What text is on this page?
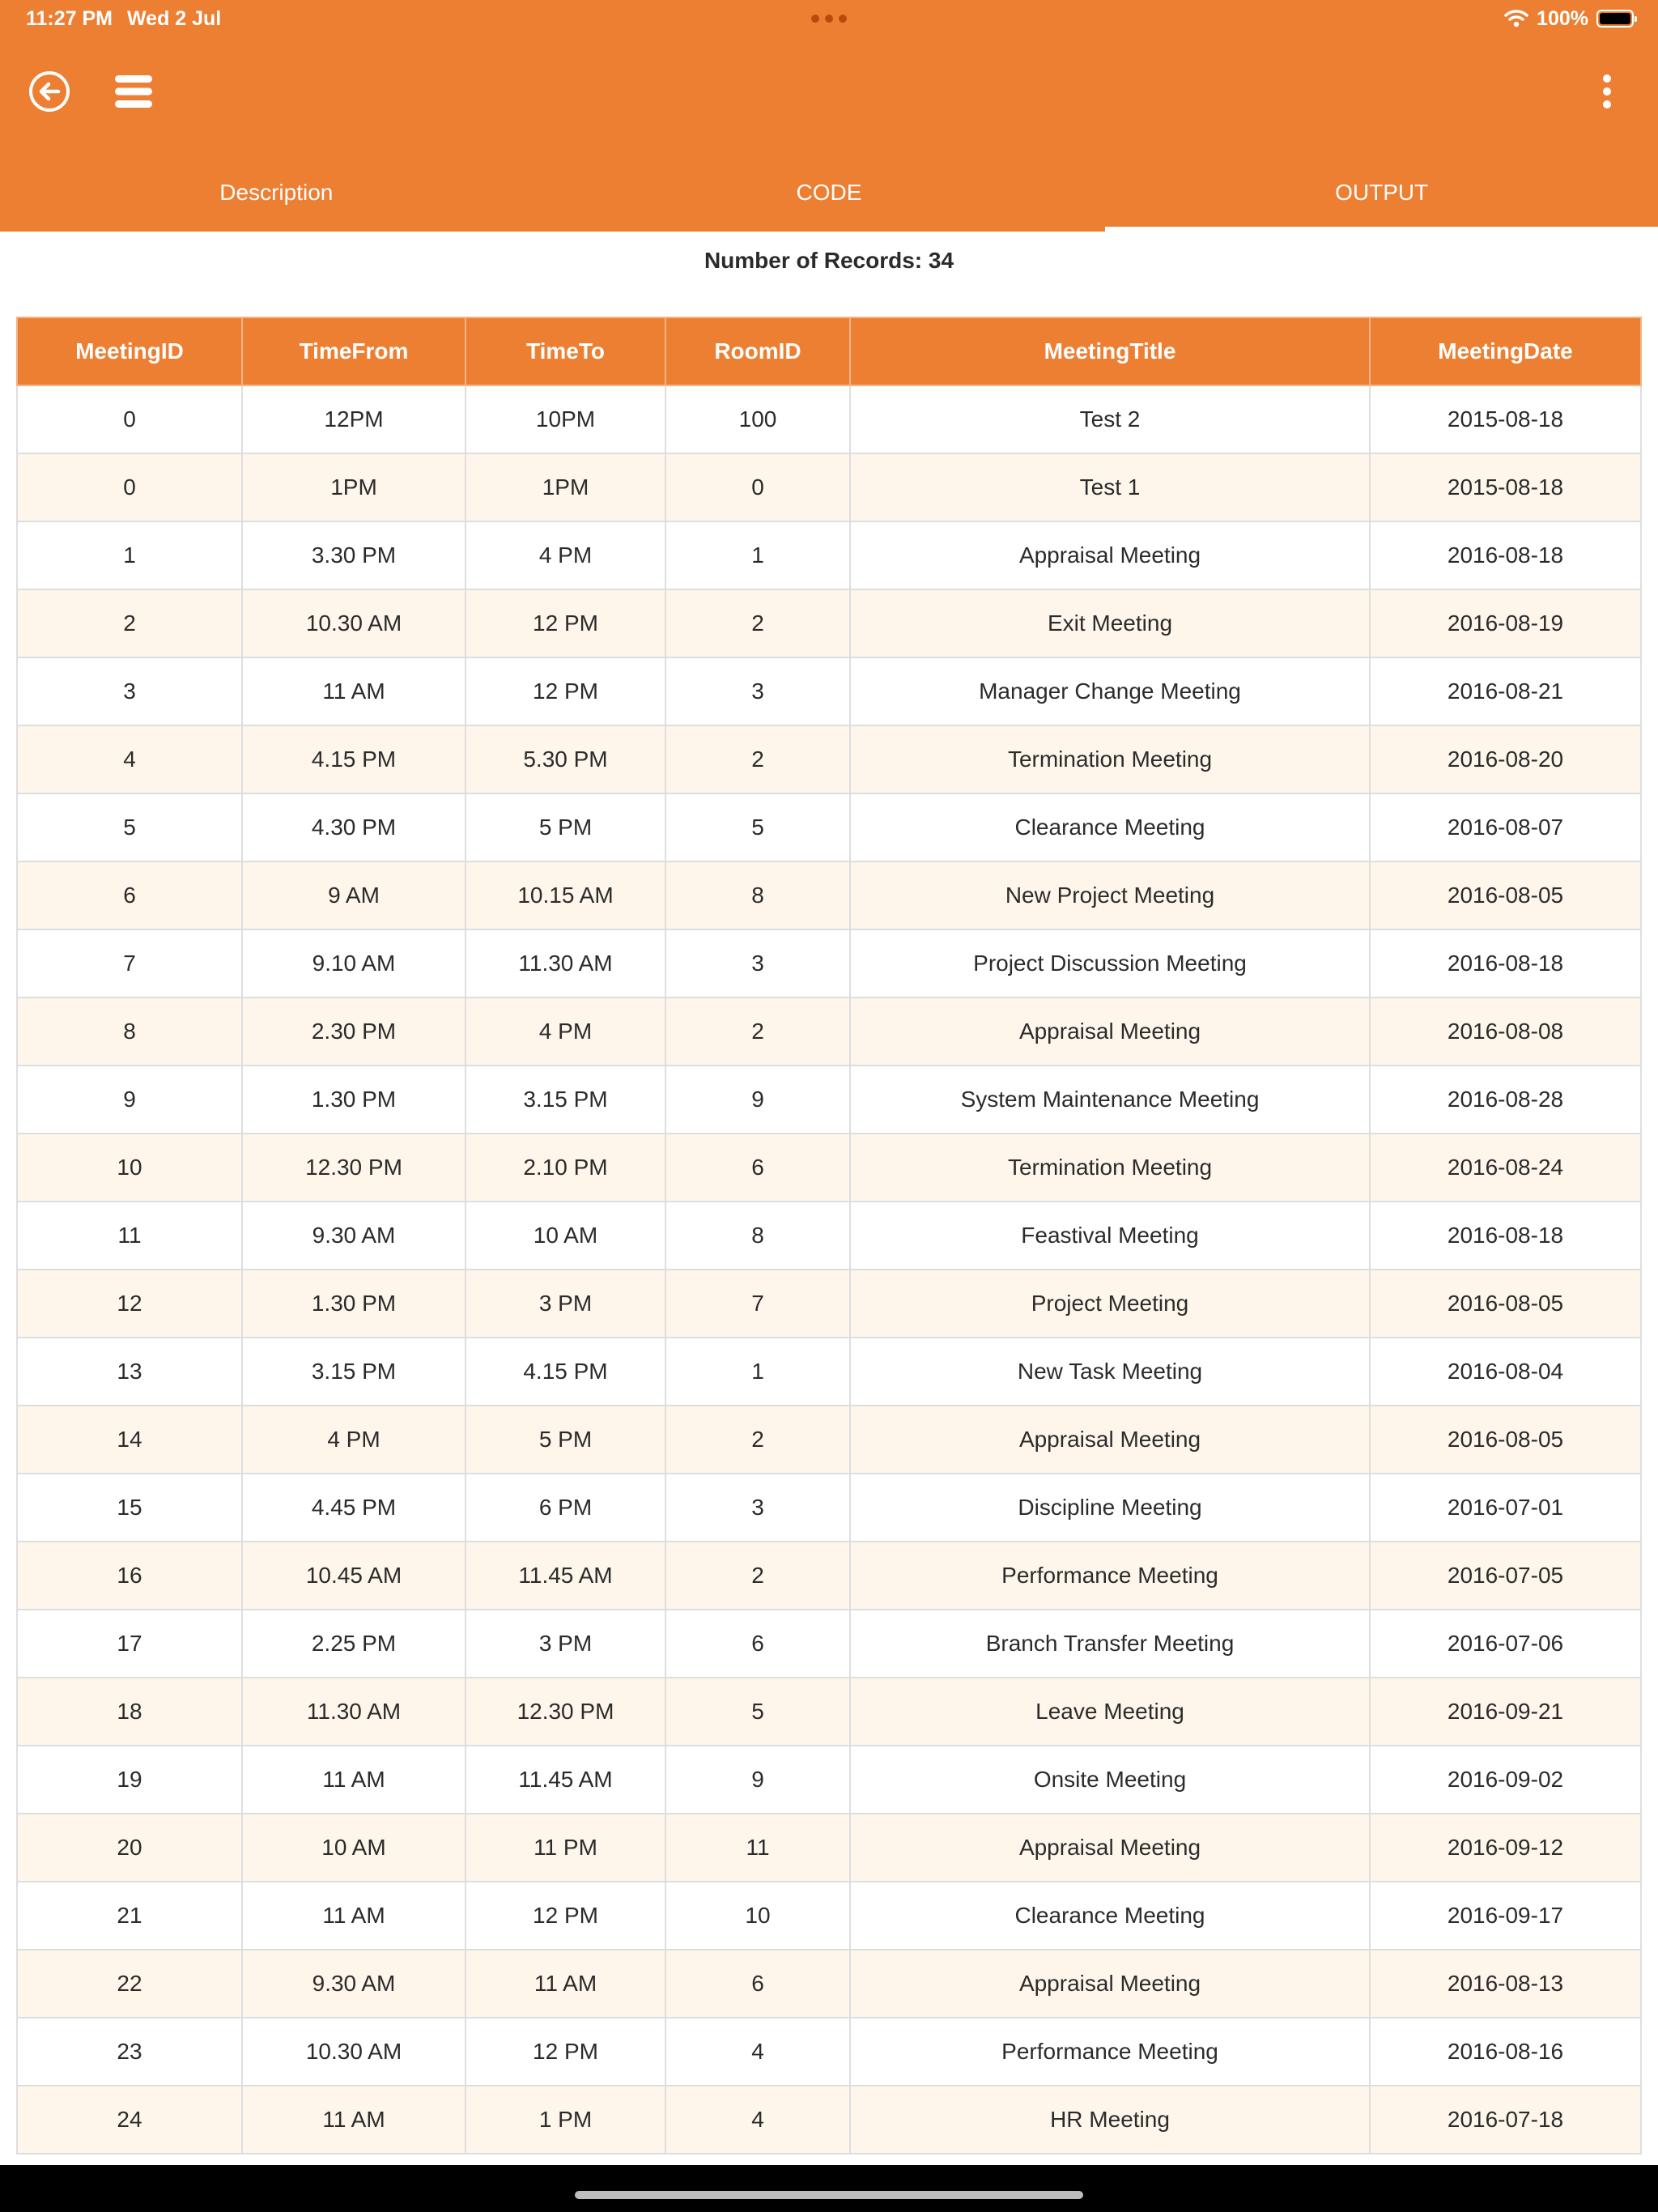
11:27 PM Wed 2 Jul	100%
Description	CODE	OUTPUT
Number of Records: 34
MeetingID	TimeFrom	TimeTo	RoomID	MeetingTitle	MeetingDate
0	12PM	10PM	100	Test 2	2015-08-18
0	1PM	1PM	0	Test 1	2015-08-18
1	3.30 PM	4 PM	1	Appraisal Meeting	2016-08-18
2	10.30 AM	12 PM	2	Exit Meeting	2016-08-19
3	11 AM	12 PM	3	Manager Change Meeting	2016-08-21
4	4.15 PM	5.30 PM	2	Termination Meeting	2016-08-20
5	4.30 PM	5 PM	5	Clearance Meeting	2016-08-07
6	9 AM	10.15 AM	8	New Project Meeting	2016-08-05
7	9.10 AM	11.30 AM	3	Project Discussion Meeting	2016-08-18
8	2.30 PM	4 PM	2	Appraisal Meeting	2016-08-08
9	1.30 PM	3.15 PM	9	System Maintenance Meeting	2016-08-28
10	12.30 PM	2.10 PM	6	Termination Meeting	2016-08-24
11	9.30 AM	10 AM	8	Feastival Meeting	2016-08-18
12	1.30 PM	3 PM	7	Project Meeting	2016-08-05
13	3.15 PM	4.15 PM	1	New Task Meeting	2016-08-04
14	4 PM	5 PM	2	Appraisal Meeting	2016-08-05
15	4.45 PM	6 PM	3	Discipline Meeting	2016-07-01
16	10.45 AM	11.45 AM	2	Performance Meeting	2016-07-05
17	2.25 PM	3 PM	6	Branch Transfer Meeting	2016-07-06
18	11.30 AM	12.30 PM	5	Leave Meeting	2016-09-21
19	11 AM	11.45 AM	9	Onsite Meeting	2016-09-02
20	10 AM	11 PM	11	Appraisal Meeting	2016-09-12
21	11 AM	12 PM	10	Clearance Meeting	2016-09-17
22	9.30 AM	11 AM	6	Appraisal Meeting	2016-08-13
23	10.30 AM	12 PM	4	Performance Meeting	2016-08-16
24	11 AM	1 PM	4	HR Meeting	2016-07-18
